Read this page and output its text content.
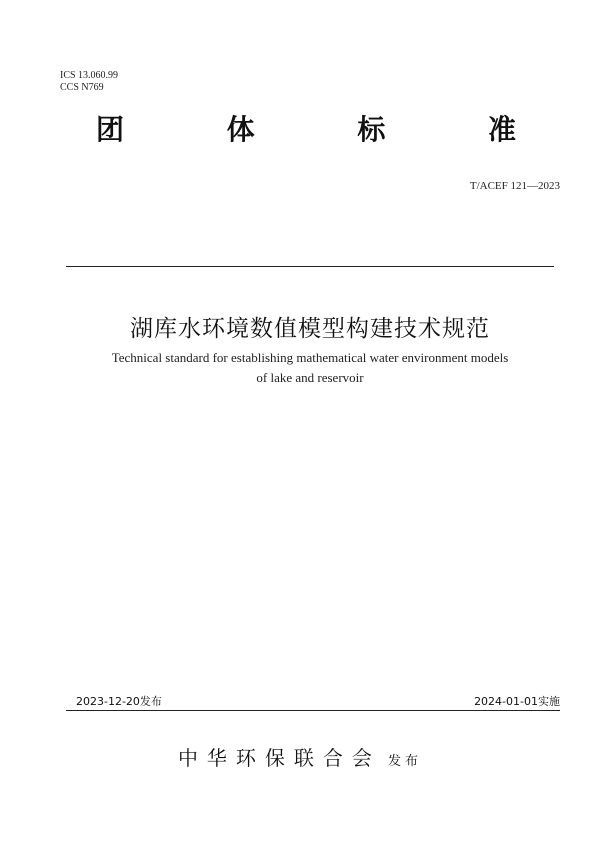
ICS 13.060.99
CCS N769
团	体	标	准
T/ACEF 121—2023
湖库水环境数值模型构建技术规范
Technical standard for establishing mathematical water environment models
of lake and reservoir
2023-12-20发布	2024-01-01实施
中华环保联合会 发布
